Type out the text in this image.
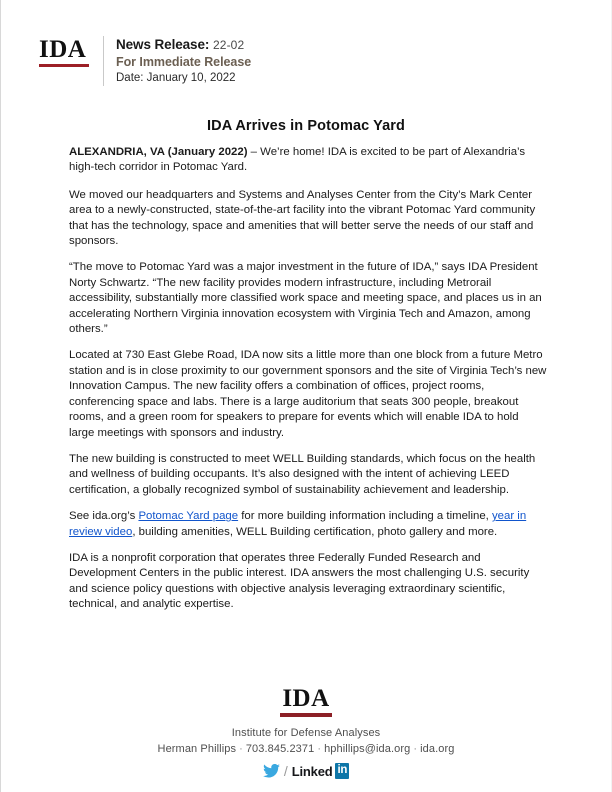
IDA News Release: 22-02
For Immediate Release
Date: January 10, 2022
IDA Arrives in Potomac Yard

ALEXANDRIA, VA (January 2022) – We’re home! IDA is excited to be part of Alexandria’s high-tech corridor in Potomac Yard.

We moved our headquarters and Systems and Analyses Center from the City’s Mark Center area to a newly-constructed, state-of-the-art facility into the vibrant Potomac Yard community that has the technology, space and amenities that will better serve the needs of our staff and sponsors.

“The move to Potomac Yard was a major investment in the future of IDA,” says IDA President Norty Schwartz. “The new facility provides modern infrastructure, including Metrorail accessibility, substantially more classified work space and meeting space, and places us in an accelerating Northern Virginia innovation ecosystem with Virginia Tech and Amazon, among others.”

Located at 730 East Glebe Road, IDA now sits a little more than one block from a future Metro station and is in close proximity to our government sponsors and the site of Virginia Tech’s new Innovation Campus. The new facility offers a combination of offices, project rooms, conferencing space and labs. There is a large auditorium that seats 300 people, breakout rooms, and a green room for speakers to prepare for events which will enable IDA to hold large meetings with sponsors and industry.

The new building is constructed to meet WELL Building standards, which focus on the health and wellness of building occupants. It’s also designed with the intent of achieving LEED certification, a globally recognized symbol of sustainability achievement and leadership.

See ida.org’s Potomac Yard page for more building information including a timeline, year in review video, building amenities, WELL Building certification, photo gallery and more.

IDA is a nonprofit corporation that operates three Federally Funded Research and Development Centers in the public interest. IDA answers the most challenging U.S. security and science policy questions with objective analysis leveraging extraordinary scientific, technical, and analytic expertise.

IDA
Institute for Defense Analyses
Herman Phillips · 703.845.2371 · hphillips@ida.org · ida.org
/ Linked in
